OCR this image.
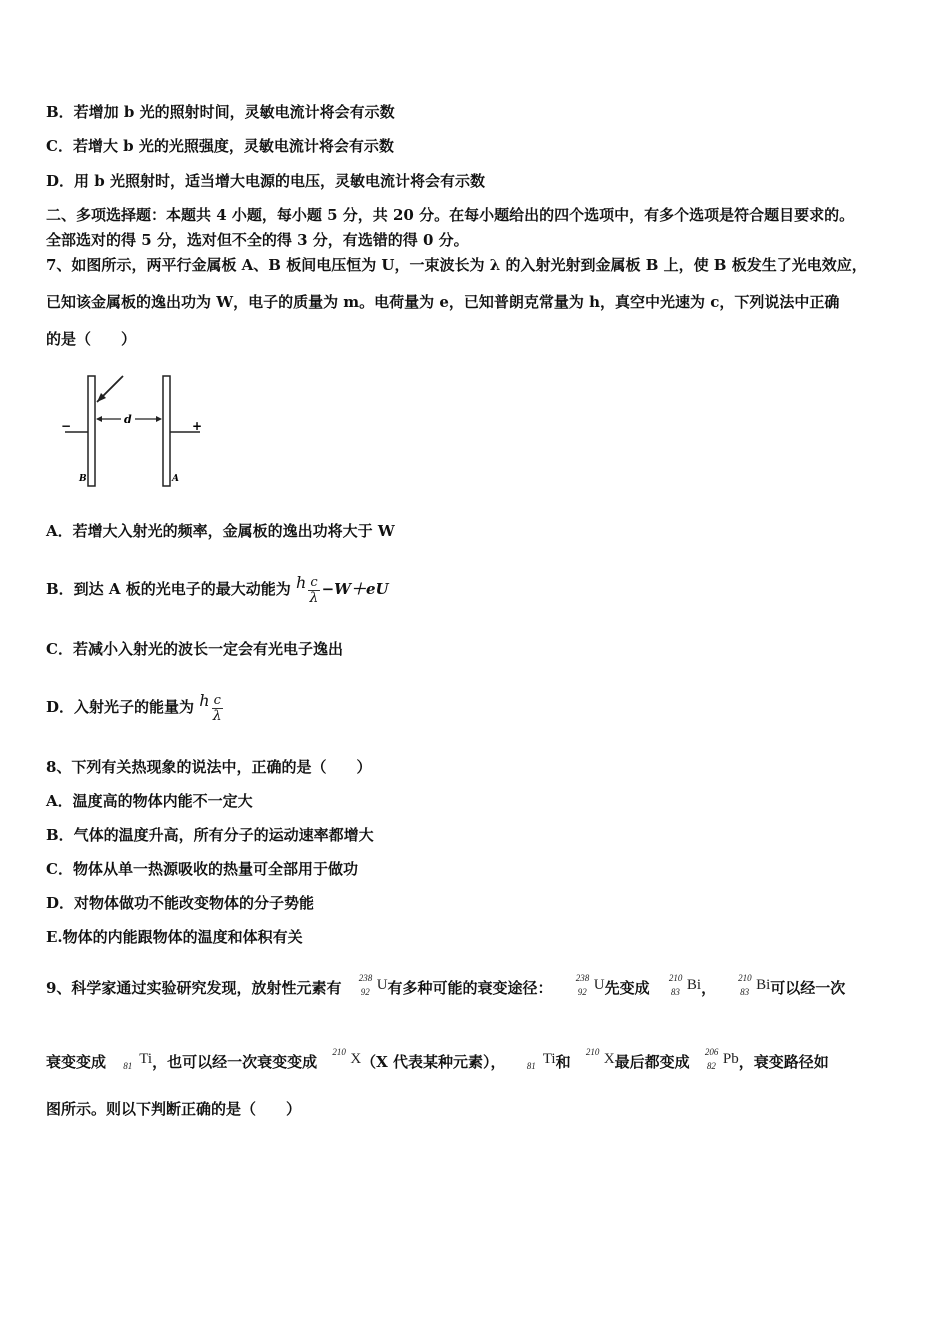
B．若增加 b 光的照射时间，灵敏电流计将会有示数
C．若增大 b 光的光照强度，灵敏电流计将会有示数
D．用 b 光照射时，适当增大电源的电压，灵敏电流计将会有示数
二、多项选择题：本题共 4 小题，每小题 5 分，共 20 分。在每小题给出的四个选项中，有多个选项是符合题目要求的。
全部选对的得 5 分，选对但不全的得 3 分，有选错的得 0 分。
7、如图所示，两平行金属板 A、B 板间电压恒为 U，一束波长为 λ 的入射光射到金属板 B 上，使 B 板发生了光电效应，
已知该金属板的逸出功为 W，电子的质量为 m。电荷量为 e，已知普朗克常量为 h，真空中光速为 c，下列说法中正确
的是（　　）
d
−	+
B	A
A．若增大入射光的频率，金属板的逸出功将大于 W
B．到达 A 板的光电子的最大动能为 h $\frac{c}{\lambda} -W+eU$
C．若减小入射光的波长一定会有光电子逸出
D．入射光子的能量为 h $\frac{c}{\lambda}$
8、下列有关热现象的说法中，正确的是（　　）
A．温度高的物体内能不一定大
B．气体的温度升高，所有分子的运动速率都增大
C．物体从单一热源吸收的热量可全部用于做功
D．对物体做功不能改变物体的分子势能
E.物体的内能跟物体的温度和体积有关
9、科学家通过实验研究发现，放射性元素有
238
92 U有多种可能的衰变途径：
238
92 U先变成
210
83 Bi，
210
83 Bi可以经一次
衰变变成 81 Ti，也可以经一次衰变变成
210 X（X 代表某种元素）， 81 Ti和
210 X最后都变成
206
82 Pb，衰变路径如
图所示。则以下判断正确的是（　　）
